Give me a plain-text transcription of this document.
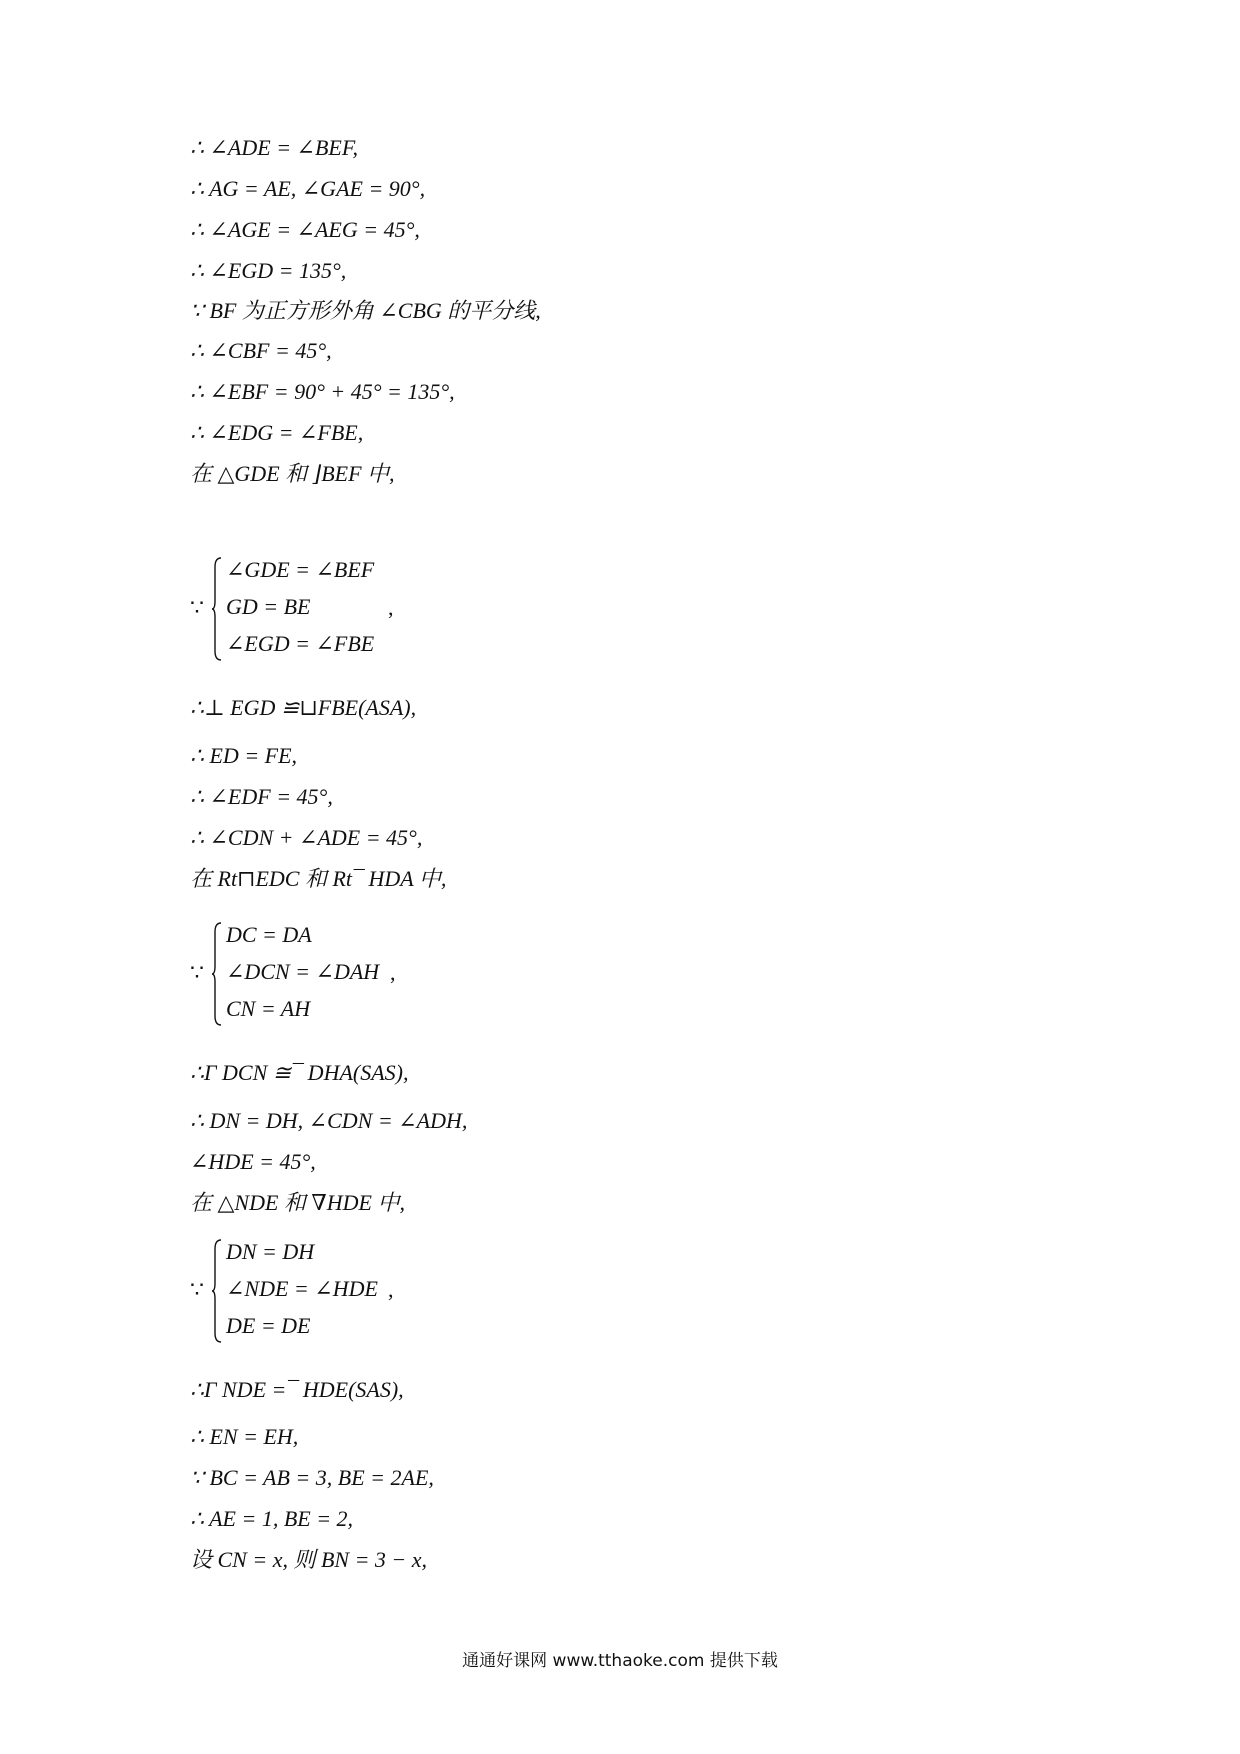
∴ ∠ADE = ∠BEF,
∴ AG = AE, ∠GAE = 90°,
∴ ∠AGE = ∠AEG = 45°,
∴ ∠EGD = 135°,
∵ BF 为正方形外角 ∠CBG 的平分线,
∴ ∠CBF = 45°,
∴ ∠EBF = 90° + 45° = 135°,
∴ ∠EDG = ∠FBE,
在 △GDE 和 ⌋BEF 中,
∵
∠GDE = ∠BEF
GD = BE
∠EGD = ∠FBE
,
∴⊥ EGD ≌⊔FBE(ASA),
∴ ED = FE,
∴ ∠EDF = 45°,
∴ ∠CDN + ∠ADE = 45°,
在 Rt⊓EDC 和 Rt¯ HDA 中,
∵
DC = DA
∠DCN = ∠DAH
CN = AH
,
∴Γ DCN ≅¯ DHA(SAS),
∴ DN = DH, ∠CDN = ∠ADH,
∠HDE = 45°,
在 △NDE 和 ∇HDE 中,
∵
DN = DH
∠NDE = ∠HDE
DE = DE
,
∴Γ NDE =¯ HDE(SAS),
∴ EN = EH,
∵ BC = AB = 3, BE = 2AE,
∴ AE = 1, BE = 2,
设 CN = x, 则 BN = 3 − x,
通通好课网 www.tthaoke.com 提供下载
